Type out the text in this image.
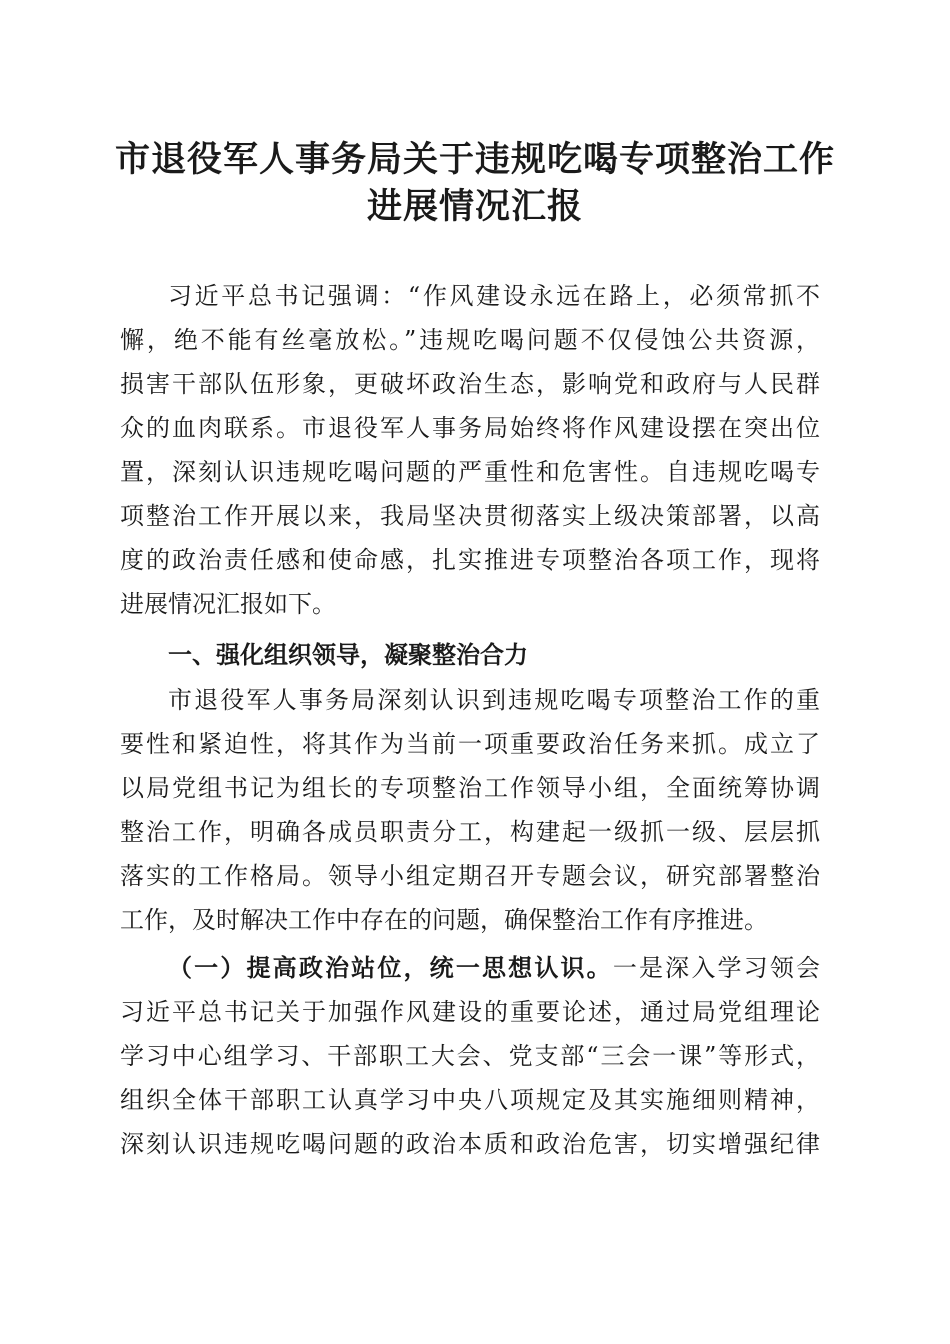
市退役军人事务局关于违规吃喝专项整治工作
进展情况汇报
习近平总书记强调：“作风建设永远在路上，必须常抓不
懈，绝不能有丝毫放松。”违规吃喝问题不仅侵蚀公共资源，
损害干部队伍形象，更破坏政治生态，影响党和政府与人民群
众的血肉联系。市退役军人事务局始终将作风建设摆在突出位
置，深刻认识违规吃喝问题的严重性和危害性。自违规吃喝专
项整治工作开展以来，我局坚决贯彻落实上级决策部署，以高
度的政治责任感和使命感，扎实推进专项整治各项工作，现将
进展情况汇报如下。
一、强化组织领导，凝聚整治合力
市退役军人事务局深刻认识到违规吃喝专项整治工作的重
要性和紧迫性，将其作为当前一项重要政治任务来抓。成立了
以局党组书记为组长的专项整治工作领导小组，全面统筹协调
整治工作，明确各成员职责分工，构建起一级抓一级、层层抓
落实的工作格局。领导小组定期召开专题会议，研究部署整治
工作，及时解决工作中存在的问题，确保整治工作有序推进。
（一）提高政治站位，统一思想认识。一是深入学习领会
习近平总书记关于加强作风建设的重要论述，通过局党组理论
学习中心组学习、干部职工大会、党支部“三会一课”等形式，
组织全体干部职工认真学习中央八项规定及其实施细则精神，
深刻认识违规吃喝问题的政治本质和政治危害，切实增强纪律
